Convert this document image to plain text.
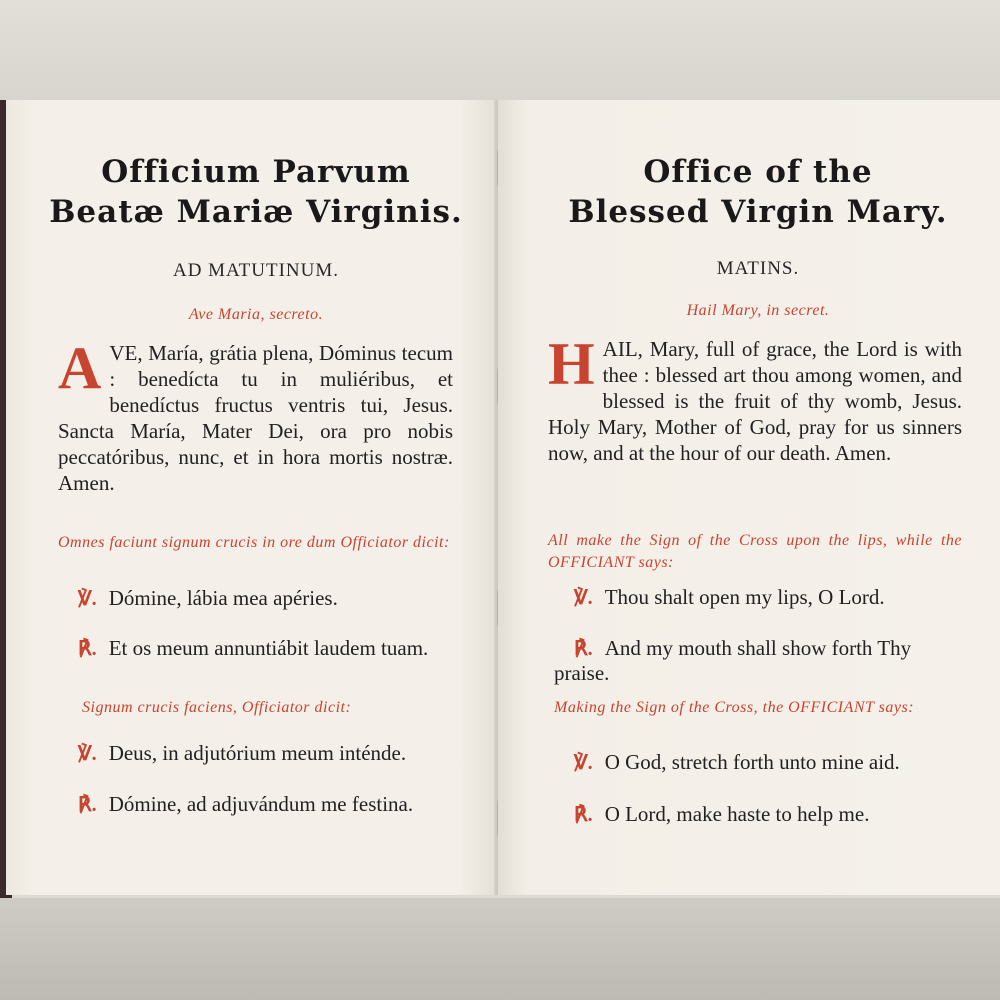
Officium Parvum
Beatæ Mariæ Virginis.
AD MATUTINUM.
Ave Maria, secreto.
AVE, María, grátia plena, Dóminus tecum : benedícta tu in muliéribus, et benedíctus fructus ventris tui, Jesus. Sancta María, Mater Dei, ora pro nobis peccatóribus, nunc, et in hora mortis nostræ. Amen.
Omnes faciunt signum crucis in ore dum Officiator dicit:
℣. Dómine, lábia mea apéries.
℟. Et os meum annuntiábit laudem tuam.
Signum crucis faciens, Officiator dicit:
℣. Deus, in adjutórium meum inténde.
℟. Dómine, ad adjuvándum me festina.
Office of the
Blessed Virgin Mary.
MATINS.
Hail Mary, in secret.
HAIL, Mary, full of grace, the Lord is with thee : blessed art thou among women, and blessed is the fruit of thy womb, Jesus. Holy Mary, Mother of God, pray for us sinners now, and at the hour of our death. Amen.
All make the Sign of the Cross upon the lips, while the OFFICIANT says:
℣. Thou shalt open my lips, O Lord.
℟. And my mouth shall show forth Thy praise.
Making the Sign of the Cross, the OFFICIANT says:
℣. O God, stretch forth unto mine aid.
℟. O Lord, make haste to help me.
